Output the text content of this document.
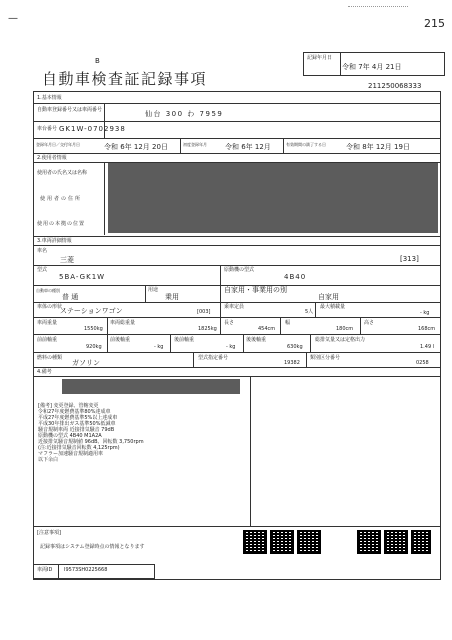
—	215
B
自動車検査証記録事項
記録年月日
令和 7年 4月 21日
211250068333
1.基本情報
自動車登録番号又は車両番号	仙台 300 わ 7959
車台番号 GK1W-0702938
登録年月日／交付年月日	令和 6年 12月 20日	初度登録年月	令和 6年 12月	有効期間の満了する日	令和 8年 12月 19日
2.使用者情報
使用者の氏名又は名称
使用者の住所
使用の本拠の位置
3.車両詳細情報
車名
三菱	[313]
型式
5BA-GK1W
原動機の型式
4B40
自動車の種別
普 通
用途
乗用
自家用・事業用の別
自家用
車体の形状
ステーションワゴン	[003]
乗車定員
5人
最大積載量
- kg
車両重量
1550kg
車両総重量
1825kg
長さ
454cm
幅
180cm
高さ
168cm
前前軸重
920kg
前後軸重
- kg
後前軸重
- kg
後後軸重
630kg
総排気量又は定格出力
1.49 l
燃料の種類
ガソリン
型式指定番号
19382
類別区分番号
0258
4.備考
[備考] 変更登録、管轄変更
令和27年度燃費基準80%達成車
平成27年度燃費基準5%以上達成車
平成30年排出ガス基準50%低減車
騒音規制車両 近接排気騒音 79dB
原動機の型式 4B40 M1A2A
近接排気騒音規制値 96dB、回転数 3,750rpm
(注:近接排気騒音回転数 4,125rpm)
マフラー加速騒音規制適用車
以下余白
[注意事項]
記録事項はシステム登録時点の情報となります
車両ID I9573SH0225668
